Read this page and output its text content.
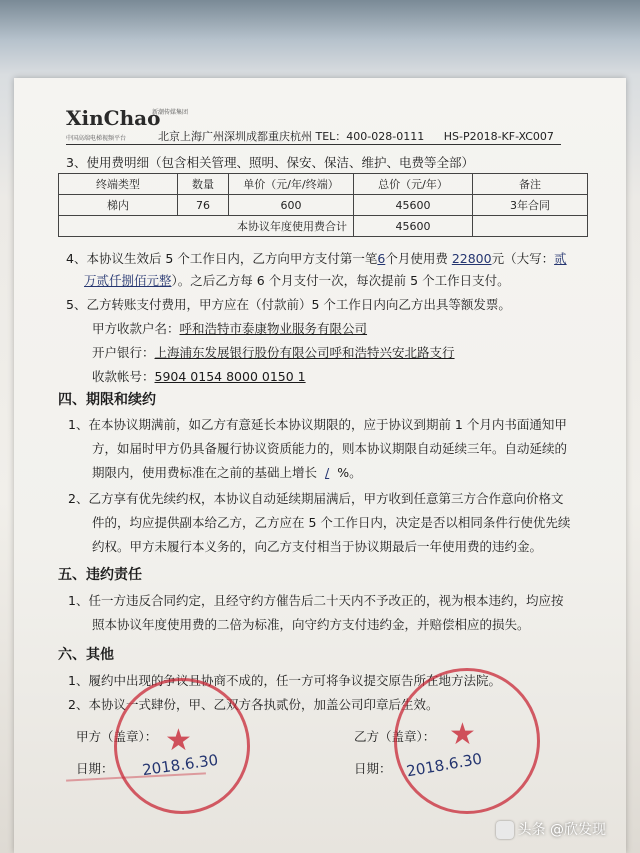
XinChao
新潮传媒集团
中国高端电梯视频平台	北京上海广州深圳成都重庆杭州 TEL：400-028-0111 HS-P2018-KF-XC007
3、使用费明细（包含相关管理、照明、保安、保洁、维护、电费等全部）
终端类型	数量	单价（元/年/终端）	总价（元/年）	备注
梯内	76	600	45600	3年合同
		本协议年度使用费合计	45600	
4、本协议生效后 5 个工作日内，乙方向甲方支付第一笔6个月使用费 22800元（大写：贰
万贰仟捌佰元整）。之后乙方每 6 个月支付一次，每次提前 5 个工作日支付。
5、乙方转账支付费用，甲方应在（付款前）5 个工作日内向乙方出具等额发票。
甲方收款户名：呼和浩特市泰康物业服务有限公司
开户银行：上海浦东发展银行股份有限公司呼和浩特兴安北路支行
收款帐号：5904 0154 8000 0150 1
四、期限和续约
1、在本协议期满前，如乙方有意延长本协议期限的，应于协议到期前 1 个月内书面通知甲
方，如届时甲方仍具备履行协议资质能力的，则本协议期限自动延续三年。自动延续的
期限内，使用费标准在之前的基础上增长 / %。
2、乙方享有优先续约权，本协议自动延续期届满后，甲方收到任意第三方合作意向价格文
件的，均应提供副本给乙方，乙方应在 5 个工作日内，决定是否以相同条件行使优先续
约权。甲方未履行本义务的，向乙方支付相当于协议期最后一年使用费的违约金。
五、违约责任
1、任一方违反合同约定，且经守约方催告后二十天内不予改正的，视为根本违约，均应按
照本协议年度使用费的二倍为标准，向守约方支付违约金，并赔偿相应的损失。
六、其他
1、履约中出现的争议且协商不成的，任一方可将争议提交原告所在地方法院。
2、本协议一式肆份，甲、乙双方各执贰份，加盖公司印章后生效。
甲方（盖章）：	乙方（盖章）：
日期：	日期：
2018.6.30	2018.6.30
★	★
头条 @欣发现
